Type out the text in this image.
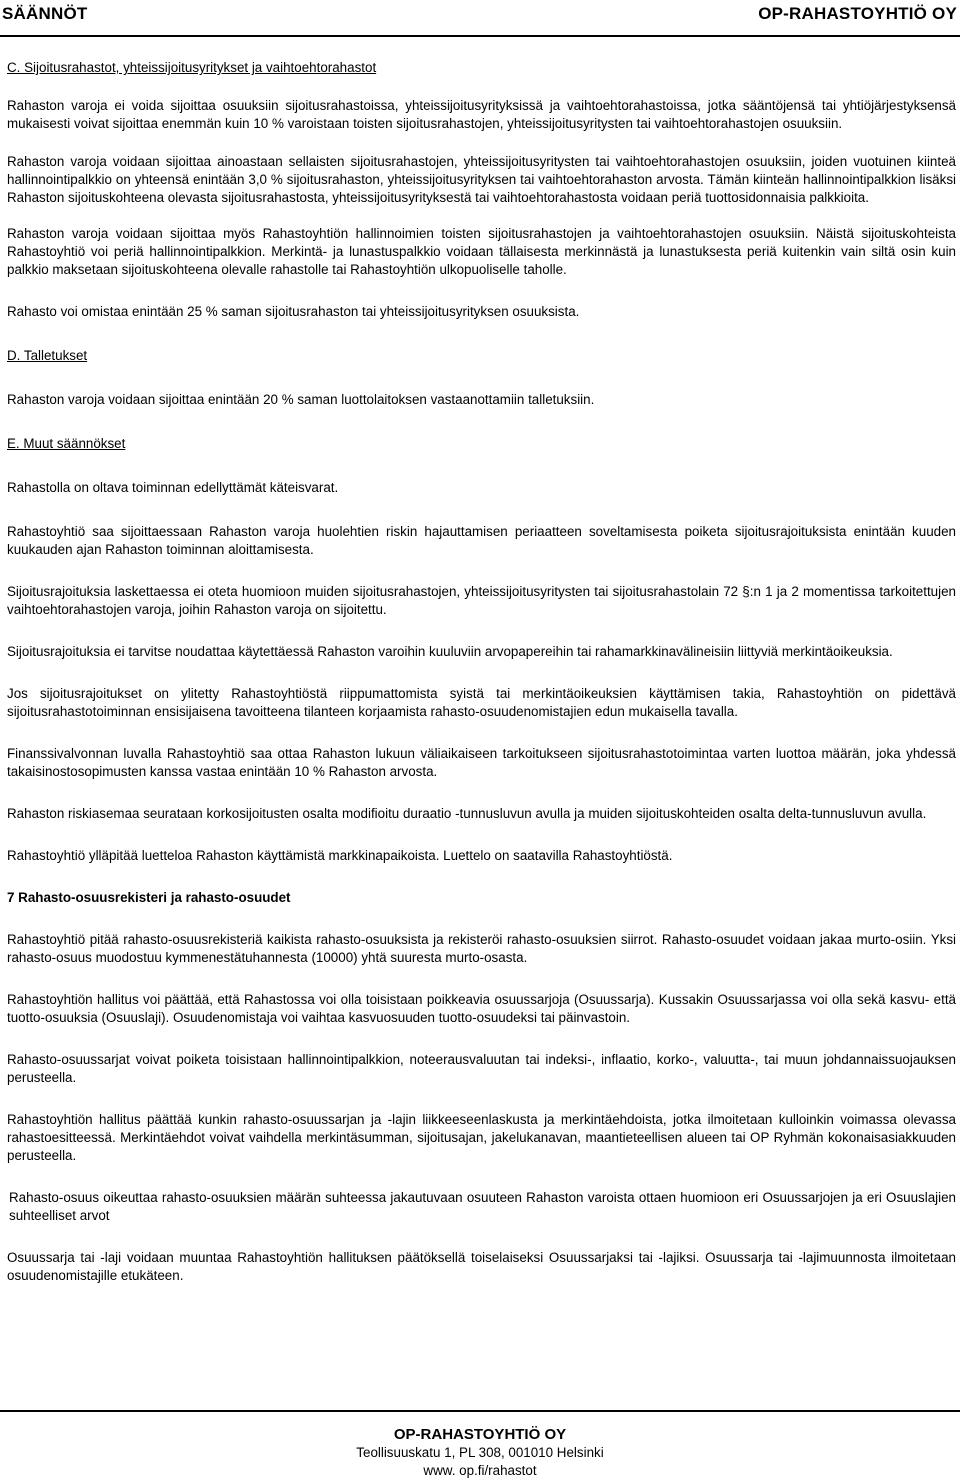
SÄÄNNÖT	OP-RAHASTOYHTIÖ OY

C. Sijoitusrahastot, yhteissijoitusyritykset ja vaihtoehtorahastot

Rahaston varoja ei voida sijoittaa osuuksiin sijoitusrahastoissa, yhteissijoitusyrityksissä ja vaihtoehtorahastoissa, jotka sääntöjensä tai yhtiöjärjestyksensä mukaisesti voivat sijoittaa enemmän kuin 10 % varoistaan toisten sijoitusrahastojen, yhteissijoitusyritysten tai vaihtoehtorahastojen osuuksiin.

Rahaston varoja voidaan sijoittaa ainoastaan sellaisten sijoitusrahastojen, yhteissijoitusyritysten tai vaihtoehtorahastojen osuuksiin, joiden vuotuinen kiinteä hallinnointipalkkio on yhteensä enintään 3,0 % sijoitusrahaston, yhteissijoitusyrityksen tai vaihtoehtorahaston arvosta. Tämän kiinteän hallinnointipalkkion lisäksi Rahaston sijoituskohteena olevasta sijoitusrahastosta, yhteissijoitusyrityksestä tai vaihtoehtorahastosta voidaan periä tuottosidonnaisia palkkioita.

Rahaston varoja voidaan sijoittaa myös Rahastoyhtiön hallinnoimien toisten sijoitusrahastojen ja vaihtoehtorahastojen osuuksiin. Näistä sijoituskohteista Rahastoyhtiö voi periä hallinnointipalkkion. Merkintä- ja lunastuspalkkio voidaan tällaisesta merkinnästä ja lunastuksesta periä kuitenkin vain siltä osin kuin palkkio maksetaan sijoituskohteena olevalle rahastolle tai Rahastoyhtiön ulkopuoliselle taholle.

Rahasto voi omistaa enintään 25 % saman sijoitusrahaston tai yhteissijoitusyrityksen osuuksista.

D. Talletukset

Rahaston varoja voidaan sijoittaa enintään 20 % saman luottolaitoksen vastaanottamiin talletuksiin.

E. Muut säännökset

Rahastolla on oltava toiminnan edellyttämät käteisvarat.

Rahastoyhtiö saa sijoittaessaan Rahaston varoja huolehtien riskin hajauttamisen periaatteen soveltamisesta poiketa sijoitusrajoituksista enintään kuuden kuukauden ajan Rahaston toiminnan aloittamisesta.

Sijoitusrajoituksia laskettaessa ei oteta huomioon muiden sijoitusrahastojen, yhteissijoitusyritysten tai sijoitusrahastolain 72 §:n 1 ja 2 momentissa tarkoitettujen vaihtoehtorahastojen varoja, joihin Rahaston varoja on sijoitettu.

Sijoitusrajoituksia ei tarvitse noudattaa käytettäessä Rahaston varoihin kuuluviin arvopapereihin tai rahamarkkinavälineisiin liittyviä merkintäoikeuksia.

Jos sijoitusrajoitukset on ylitetty Rahastoyhtiöstä riippumattomista syistä tai merkintäoikeuksien käyttämisen takia, Rahastoyhtiön on pidettävä sijoitusrahastotoiminnan ensisijaisena tavoitteena tilanteen korjaamista rahasto-osuudenomistajien edun mukaisella tavalla.

Finanssivalvonnan luvalla Rahastoyhtiö saa ottaa Rahaston lukuun väliaikaiseen tarkoitukseen sijoitusrahastotoimintaa varten luottoa määrän, joka yhdessä takaisinostosopimusten kanssa vastaa enintään 10 % Rahaston arvosta.

Rahaston riskiasemaa seurataan korkosijoitusten osalta modifioitu duraatio -tunnusluvun avulla ja muiden sijoituskohteiden osalta delta-tunnusluvun avulla.

Rahastoyhtiö ylläpitää luetteloa Rahaston käyttämistä markkinapaikoista. Luettelo on saatavilla Rahastoyhtiöstä.

7 Rahasto-osuusrekisteri ja rahasto-osuudet

Rahastoyhtiö pitää rahasto-osuusrekisteriä kaikista rahasto-osuuksista ja rekisteröi rahasto-osuuksien siirrot. Rahasto-osuudet voidaan jakaa murto-osiin. Yksi rahasto-osuus muodostuu kymmenestätuhannesta (10000) yhtä suuresta murto-osasta.

Rahastoyhtiön hallitus voi päättää, että Rahastossa voi olla toisistaan poikkeavia osuussarjoja (Osuussarja). Kussakin Osuussarjassa voi olla sekä kasvu- että tuotto-osuuksia (Osuuslaji). Osuudenomistaja voi vaihtaa kasvuosuuden tuotto-osuudeksi tai päinvastoin.

Rahasto-osuussarjat voivat poiketa toisistaan hallinnointipalkkion, noteerausvaluutan tai indeksi-, inflaatio, korko-, valuutta-, tai muun johdannaissuojauksen perusteella.

Rahastoyhtiön hallitus päättää kunkin rahasto-osuussarjan ja -lajin liikkeeseenlaskusta ja merkintäehdoista, jotka ilmoitetaan kulloinkin voimassa olevassa rahastoesitteessä. Merkintäehdot voivat vaihdella merkintäsumman, sijoitusajan, jakelukanavan, maantieteellisen alueen tai OP Ryhmän kokonaisasiakkuuden perusteella.

Rahasto-osuus oikeuttaa rahasto-osuuksien määrän suhteessa jakautuvaan osuuteen Rahaston varoista ottaen huomioon eri Osuussarjojen ja eri Osuuslajien suhteelliset arvot

Osuussarja tai -laji voidaan muuntaa Rahastoyhtiön hallituksen päätöksellä toiselaiseksi Osuussarjaksi tai -lajiksi. Osuussarja tai -lajimuunnosta ilmoitetaan osuudenomistajille etukäteen.

OP-RAHASTOYHTIÖ OY
Teollisuuskatu 1, PL 308, 001010 Helsinki
www. op.fi/rahastot
